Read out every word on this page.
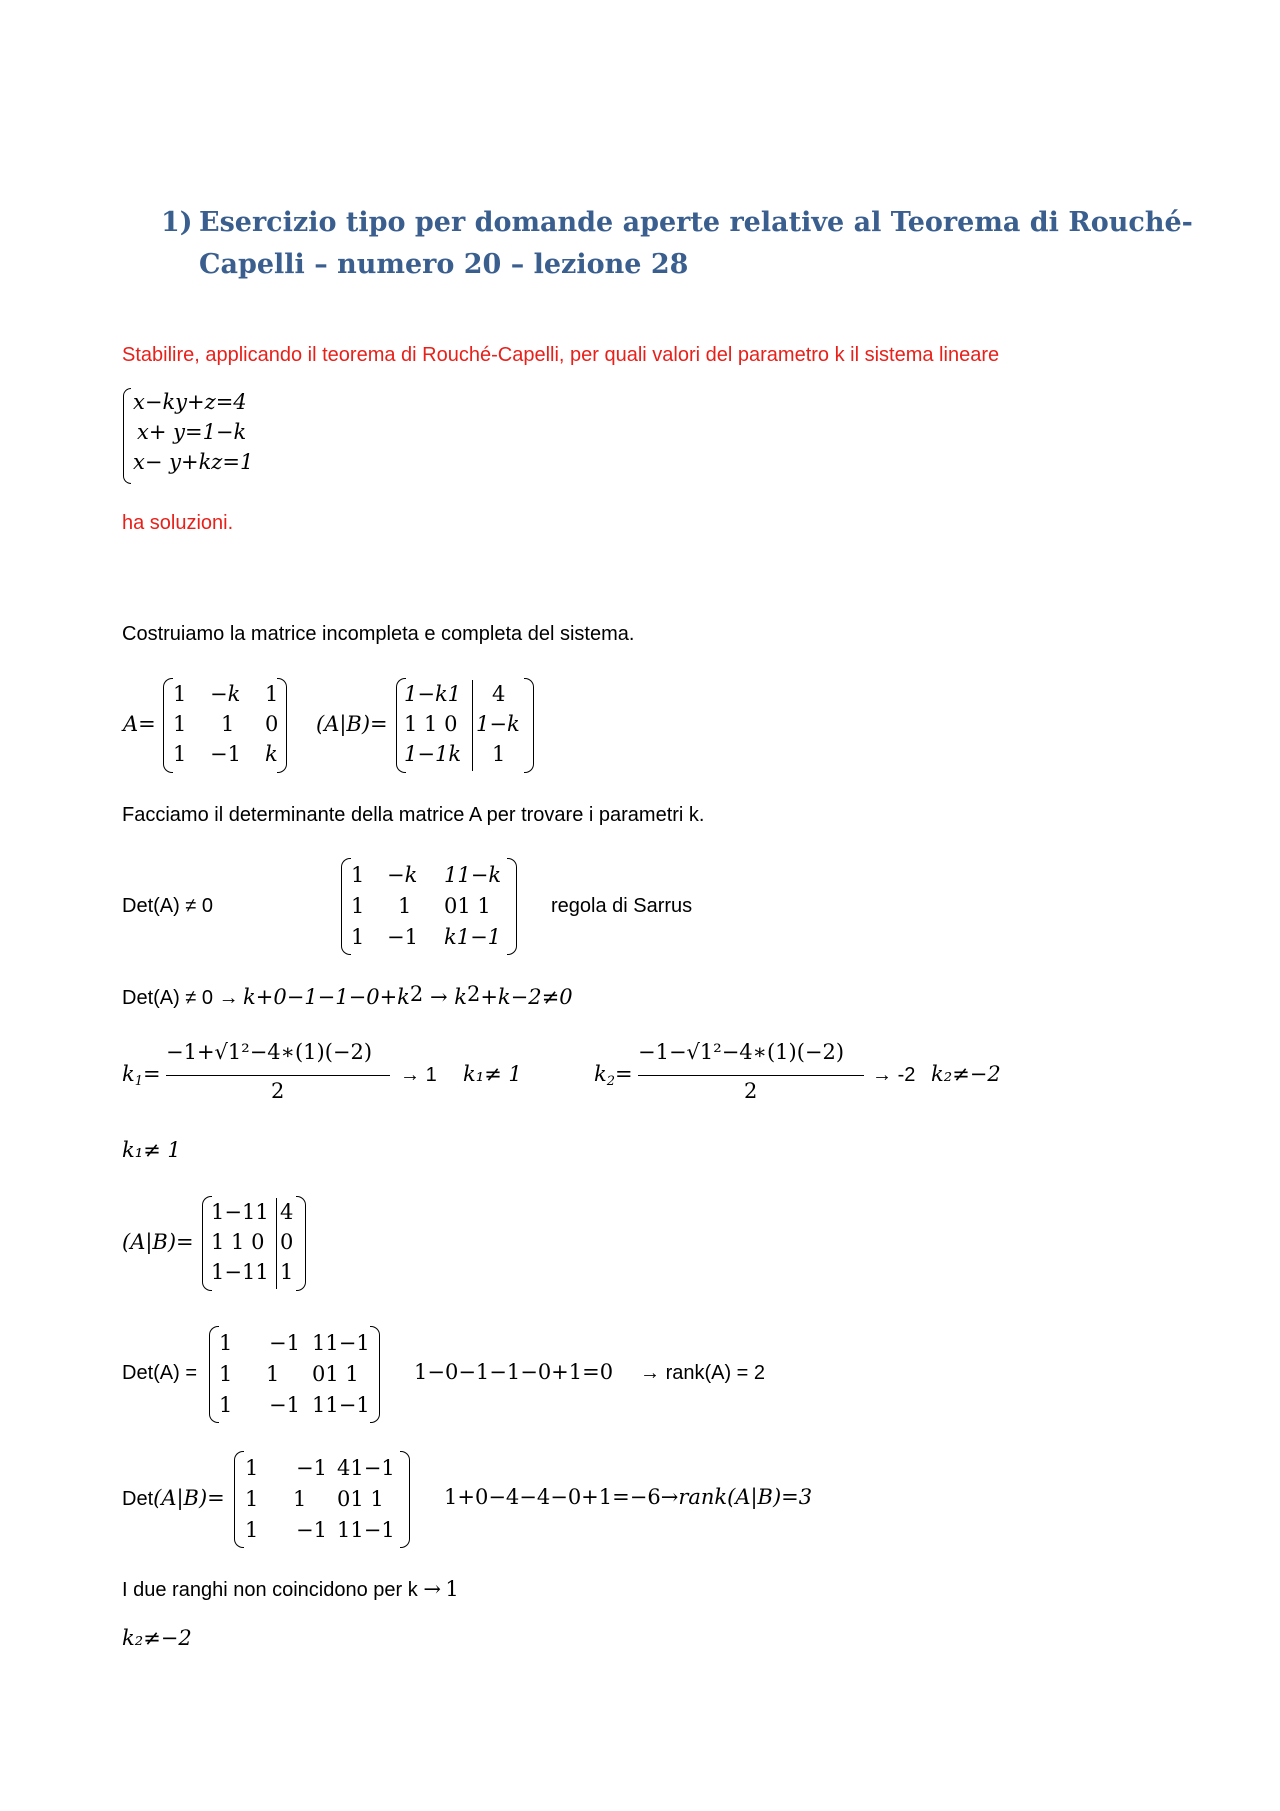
1) Esercizio tipo per domande aperte relative al Teorema di Rouché-
Capelli – numero 20 – lezione 28
Stabilire, applicando il teorema di Rouché-Capelli, per quali valori del parametro k il sistema lineare
x−ky+z=4
x+ y=1−k
x− y+kz=1
ha soluzioni.
Costruiamo la matrice incompleta e completa del sistema.
A=
1 −k 1
1 1 0
1 −1 k
(A|B)=
1−k1
1 1 0
1−1k
4
1−k
1
Facciamo il determinante della matrice A per trovare i parametri k.
Det(A) ≠ 0
1 −k 11−k
1 1 01 1
1 −1 k1−1
regola di Sarrus
$Det(A) \ne 0 \to k+0-1-1-0+k^2 \to k^2+k-2\ne 0$
$k_1=$
−1+√1²−4∗(1)(−2)
2
→ 1 k₁≠ 1	$k_2=$
−1−√1²−4∗(1)(−2)
2
→ -2 k₂≠−2
k₁≠ 1
(A|B)=
1−11
1 1 0
1−11
4
0
1
Det(A) =
1 −1 11−1
1 1 01 1
1 −1 11−1
1−0−1−1−0+1=0 → rank(A) = 2
Det(A|B)=
1 −1 41−1
1 1 01 1
1 −1 11−1
1+0−4−4−0+1=−6→rank(A|B)=3
I due ranghi non coincidono per k → 1
k₂≠−2
